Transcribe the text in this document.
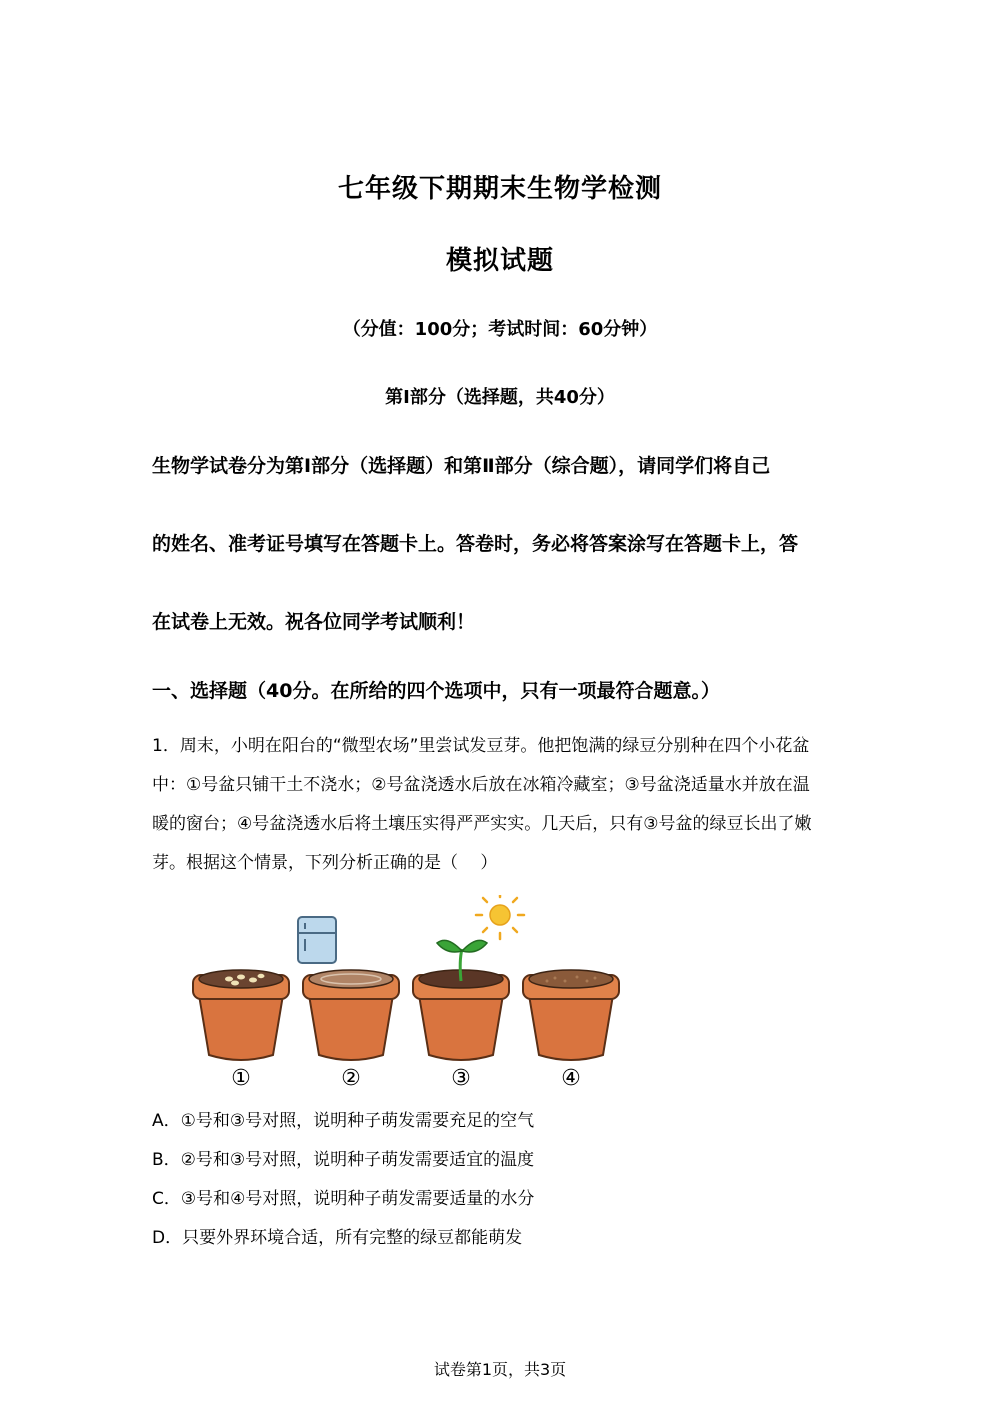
七年级下期期末生物学检测
模拟试题
（分值：100分；考试时间：60分钟）
第Ⅰ部分（选择题，共40分）
生物学试卷分为第Ⅰ部分（选择题）和第Ⅱ部分（综合题），请同学们将自己
的姓名、准考证号填写在答题卡上。答卷时，务必将答案涂写在答题卡上，答
在试卷上无效。祝各位同学考试顺利！
一、选择题（40分。在所给的四个选项中，只有一项最符合题意。）
1．周末，小明在阳台的“微型农场”里尝试发豆芽。他把饱满的绿豆分别种在四个小花盆
中：①号盆只铺干土不浇水；②号盆浇透水后放在冰箱冷藏室；③号盆浇适量水并放在温
暖的窗台；④号盆浇透水后将土壤压实得严严实实。几天后，只有③号盆的绿豆长出了嫩
芽。根据这个情景，下列分析正确的是（　 ）
①	②	③	④
A．①号和③号对照，说明种子萌发需要充足的空气
B．②号和③号对照，说明种子萌发需要适宜的温度
C．③号和④号对照，说明种子萌发需要适量的水分
D．只要外界环境合适，所有完整的绿豆都能萌发
试卷第1页，共3页
